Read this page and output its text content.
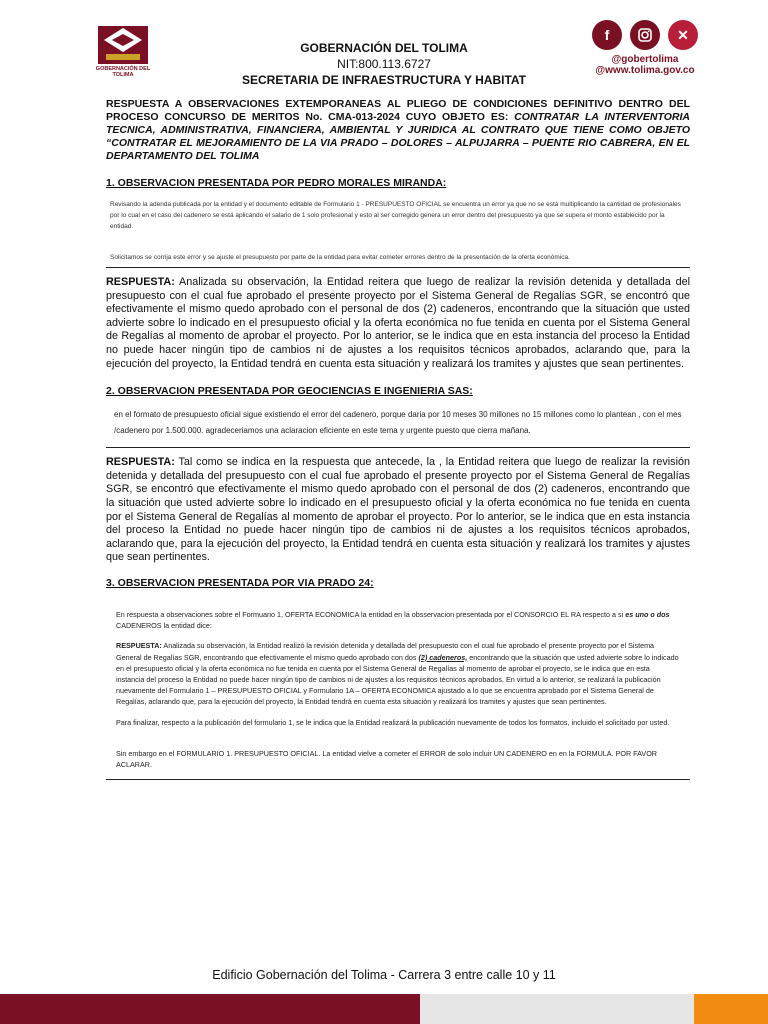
GOBERNACIÓN DEL TOLIMA
GOBERNACIÓN DEL TOLIMA
NIT:800.113.6727
SECRETARIA DE INFRAESTRUCTURA Y HABITAT
f	✕
@gobertolima
@www.tolima.gov.co
RESPUESTA A OBSERVACIONES EXTEMPORANEAS AL PLIEGO DE CONDICIONES DEFINITIVO DENTRO DEL PROCESO CONCURSO DE MERITOS No. CMA-013-2024 CUYO OBJETO ES: CONTRATAR LA INTERVENTORIA TECNICA, ADMINISTRATIVA, FINANCIERA, AMBIENTAL Y JURIDICA AL CONTRATO QUE TIENE COMO OBJETO “CONTRATAR EL MEJORAMIENTO DE LA VIA PRADO – DOLORES – ALPUJARRA – PUENTE RIO CABRERA, EN EL DEPARTAMENTO DEL TOLIMA
1. OBSERVACION PRESENTADA POR PEDRO MORALES MIRANDA:

Revisando la adenda publicada por la entidad y el documento editable de Formulario 1 - PRESUPUESTO OFICIAL se encuentra un error ya que no se está multiplicando la cantidad de profesionales por lo cual en el caso del cadenero se está aplicando el salario de 1 solo profesional y esto al ser corregido genera un error dentro del presupuesto ya que se supera el monto establecido por la entidad.

Solicitamos se corrija este error y se ajuste el presupuesto por parte de la entidad para evitar cometer errores dentro de la presentación de la oferta económica.

RESPUESTA: Analizada su observación, la Entidad reitera que luego de realizar la revisión detenida y detallada del presupuesto con el cual fue aprobado el presente proyecto por el Sistema General de Regalías SGR, se encontró que efectivamente el mismo quedo aprobado con el personal de dos (2) cadeneros, encontrando que la situación que usted advierte sobre lo indicado en el presupuesto oficial y la oferta económica no fue tenida en cuenta por el Sistema General de Regalías al momento de aprobar el proyecto. Por lo anterior, se le indica que en esta instancia del proceso la Entidad no puede hacer ningún tipo de cambios ni de ajustes a los requisitos técnicos aprobados, aclarando que, para la ejecución del proyecto, la Entidad tendrá en cuenta esta situación y realizará los tramites y ajustes que sean pertinentes.
2. OBSERVACION PRESENTADA POR GEOCIENCIAS E INGENIERIA SAS:
en el formato de presupuesto oficial sigue existiendo el error del cadenero, porque daria por 10 meses 30 millones no 15 millones como lo plantean , con el mes /cadenero por 1.500.000. agradeceriamos una aclaracion eficiente en este tema y urgente puesto que cierra mañana.
RESPUESTA: Tal como se indica en la respuesta que antecede, la , la Entidad reitera que luego de realizar la revisión detenida y detallada del presupuesto con el cual fue aprobado el presente proyecto por el Sistema General de Regalías SGR, se encontró que efectivamente el mismo quedo aprobado con el personal de dos (2) cadeneros, encontrando que la situación que usted advierte sobre lo indicado en el presupuesto oficial y la oferta económica no fue tenida en cuenta por el Sistema General de Regalías al momento de aprobar el proyecto. Por lo anterior, se le indica que en esta instancia del proceso la Entidad no puede hacer ningún tipo de cambios ni de ajustes a los requisitos técnicos aprobados, aclarando que, para la ejecución del proyecto, la Entidad tendrá en cuenta esta situación y realizará los tramites y ajustes que sean pertinentes.
3. OBSERVACION PRESENTADA POR VIA PRADO 24:

En respuesta a observaciones sobre el Formuario 1, OFERTA ECONOMICA la entidad en la obsservacion presentada por el CONSORCIO EL RA respecto a si es uno o dos CADENEROS la entidad dice:

RESPUESTA: Analizada su observación, la Entidad realizó la revisión detenida y detallada del presupuesto con el cual fue aprobado el presente proyecto por el Sistema General de Regalías SGR, encontrando que efectivamente el mismo quedo aprobado con dos (2) cadeneros, encontrando que la situación que usted advierte sobre lo indicado en el presupuesto oficial y la oferta económica no fue tenida en cuenta por el Sistema General de Regalías al momento de aprobar el proyecto, se le indica que en esta instancia del proceso la Entidad no puede hacer ningún tipo de cambios ni de ajustes a los requisitos técnicos aprobados. En virtud a lo anterior, se realizará la publicación nuevamente del Formulario 1 – PRESUPUESTO OFICIAL y Formulario 1A – OFERTA ECONOMICA ajustado a lo que se encuentra aprobado por el Sistema General de Regalías, aclarando que, para la ejecución del proyecto, la Entidad tendrá en cuenta esta situación y realizará los tramites y ajustes que sean pertinentes.

Para finalizar, respecto a la publicación del formulario 1, se le indica que la Entidad realizará la publicación nuevamente de todos los formatos, incluido el solicitado por usted.

Sin embargo en el FORMULARIO 1. PRESUPUESTO OFICIAL. La entidad vielve a cometer el ERROR de solo incluir UN CADENERO en en la FORMULA. POR FAVOR ACLARAR.

Edificio Gobernación del Tolima - Carrera 3 entre calle 10 y 11
